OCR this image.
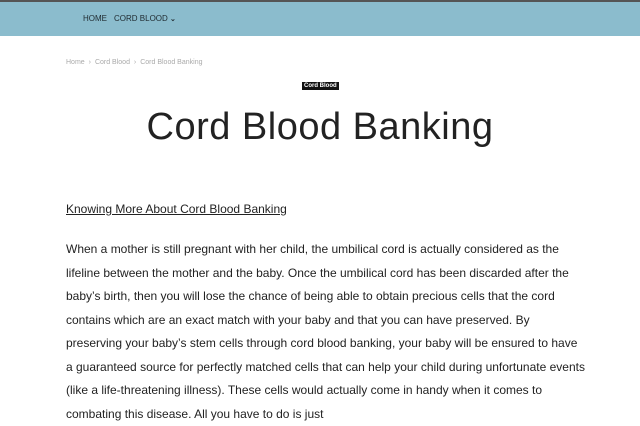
HOME CORD BLOOD ⌄
Home › Cord Blood › Cord Blood Banking
Cord Blood
Cord Blood Banking
Knowing More About Cord Blood Banking

When a mother is still pregnant with her child, the umbilical cord is actually considered as the lifeline between the mother and the baby. Once the umbilical cord has been discarded after the baby’s birth, then you will lose the chance of being able to obtain precious cells that the cord contains which are an exact match with your baby and that you can have preserved. By preserving your baby’s stem cells through cord blood banking, your baby will be ensured to have a guaranteed source for perfectly matched cells that can help your child during unfortunate events (like a life-threatening illness). These cells would actually come in handy when it comes to combating this disease. All you have to do is just
